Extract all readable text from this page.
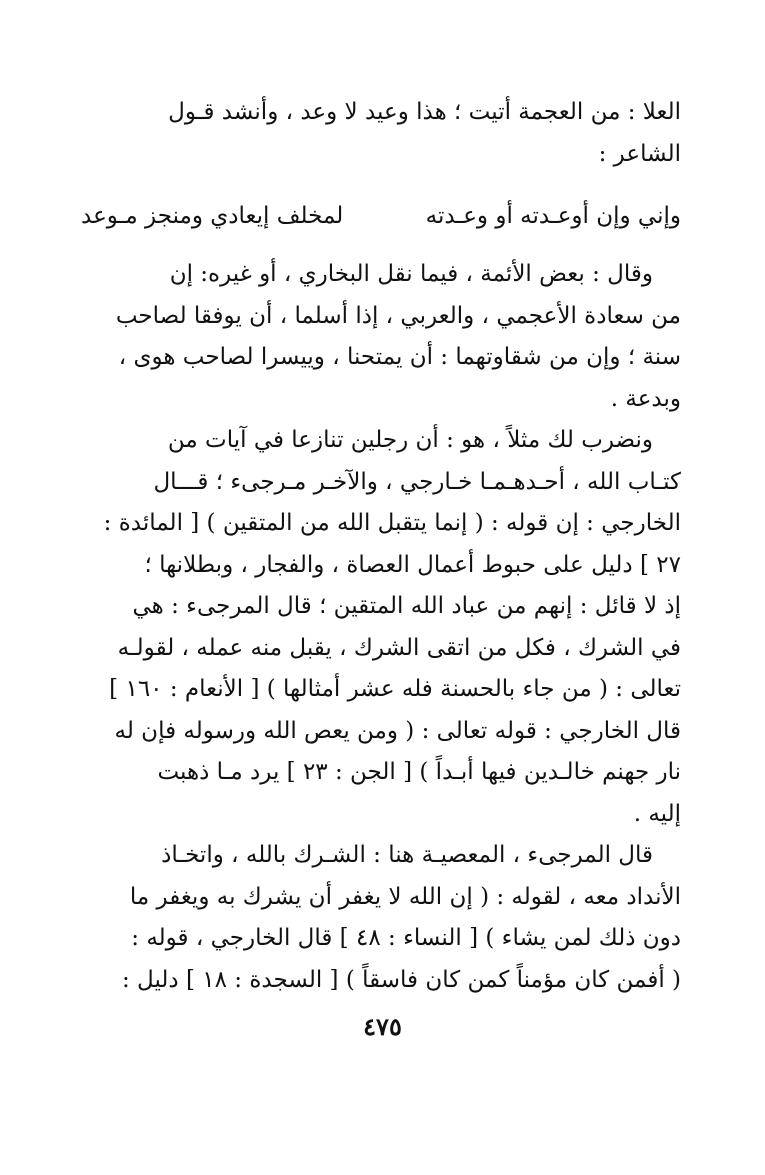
العلا : من العجمة أتيت ؛ هذا وعيد لا وعد ، وأنشد قـول
الشاعر :
وإني وإن أوعـدته أو وعـدته
لمخلف إيعادي ومنجز مـوعد
وقال : بعض الأئمة ، فيما نقل البخاري ، أو غيره: إن
من سعادة الأعجمي ، والعربي ، إذا أسلما ، أن يوفقا لصاحب
سنة ؛ وإن من شقاوتهما : أن يمتحنا ، وييسرا لصاحب هوى ،
وبدعة .
ونضرب لك مثلاً ، هو : أن رجلين تنازعا في آيات من
كتـاب الله ، أحـدهـمـا خـارجي ، والآخـر مـرجىء ؛ قـــال
الخارجي : إن قوله : ( إنما يتقبل الله من المتقين ) [ المائدة :
٢٧ ] دليل على حبوط أعمال العصاة ، والفجار ، وبطلانها ؛
إذ لا قائل : إنهم من عباد الله المتقين ؛ قال المرجىء : هي
في الشرك ، فكل من اتقى الشرك ، يقبل منه عمله ، لقولـه
تعالى : ( من جاء بالحسنة فله عشر أمثالها ) [ الأنعام : ١٦٠ ]
قال الخارجي : قوله تعالى : ( ومن يعص الله ورسوله فإن له
نار جهنم خالـدين فيها أبـداً ) [ الجن : ٢٣ ] يرد مـا ذهبت
إليه .
قال المرجىء ، المعصيـة هنا : الشـرك بالله ، واتخـاذ
الأنداد معه ، لقوله : ( إن الله لا يغفر أن يشرك به ويغفر ما
دون ذلك لمن يشاء ) [ النساء : ٤٨ ] قال الخارجي ، قوله :
( أفمن كان مؤمناً كمن كان فاسقاً ) [ السجدة : ١٨ ] دليل :
٤٧٥
